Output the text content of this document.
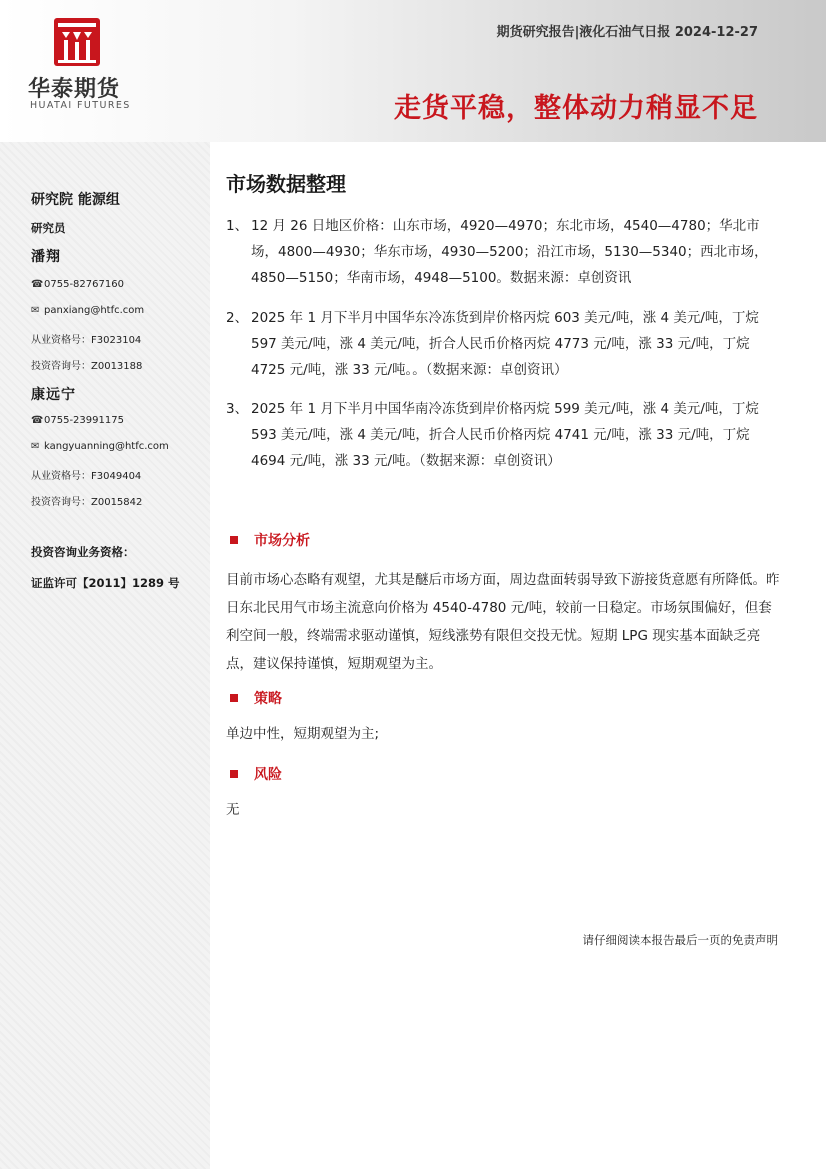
华泰期货
HUATAI FUTURES
期货研究报告|液化石油气日报 2024-12-27
走货平稳，整体动力稍显不足
研究院 能源组
研究员
潘翔
☎0755-82767160
✉ panxiang@htfc.com
从业资格号：F3023104
投资咨询号：Z0013188
康远宁
☎0755-23991175
✉ kangyuanning@htfc.com
从业资格号：F3049404
投资咨询号：Z0015842
投资咨询业务资格：
证监许可【2011】1289 号
市场数据整理
1、 12 月 26 日地区价格：山东市场，4920—4970；东北市场，4540—4780；华北市场，4800—4930；华东市场，4930—5200；沿江市场，5130—5340；西北市场，4850—5150；华南市场，4948—5100。数据来源：卓创资讯
2、 2025 年 1 月下半月中国华东冷冻货到岸价格丙烷 603 美元/吨，涨 4 美元/吨，丁烷 597 美元/吨，涨 4 美元/吨，折合人民币价格丙烷 4773 元/吨，涨 33 元/吨，丁烷 4725 元/吨，涨 33 元/吨。。（数据来源：卓创资讯）
3、 2025 年 1 月下半月中国华南冷冻货到岸价格丙烷 599 美元/吨，涨 4 美元/吨，丁烷 593 美元/吨，涨 4 美元/吨，折合人民币价格丙烷 4741 元/吨，涨 33 元/吨，丁烷 4694 元/吨，涨 33 元/吨。（数据来源：卓创资讯）
市场分析
目前市场心态略有观望，尤其是醚后市场方面，周边盘面转弱导致下游接货意愿有所降低。昨日东北民用气市场主流意向价格为 4540-4780 元/吨，较前一日稳定。市场氛围偏好，但套利空间一般，终端需求驱动谨慎，短线涨势有限但交投无忧。短期 LPG 现实基本面缺乏亮点，建议保持谨慎，短期观望为主。
策略
单边中性，短期观望为主;
风险
无
请仔细阅读本报告最后一页的免责声明
